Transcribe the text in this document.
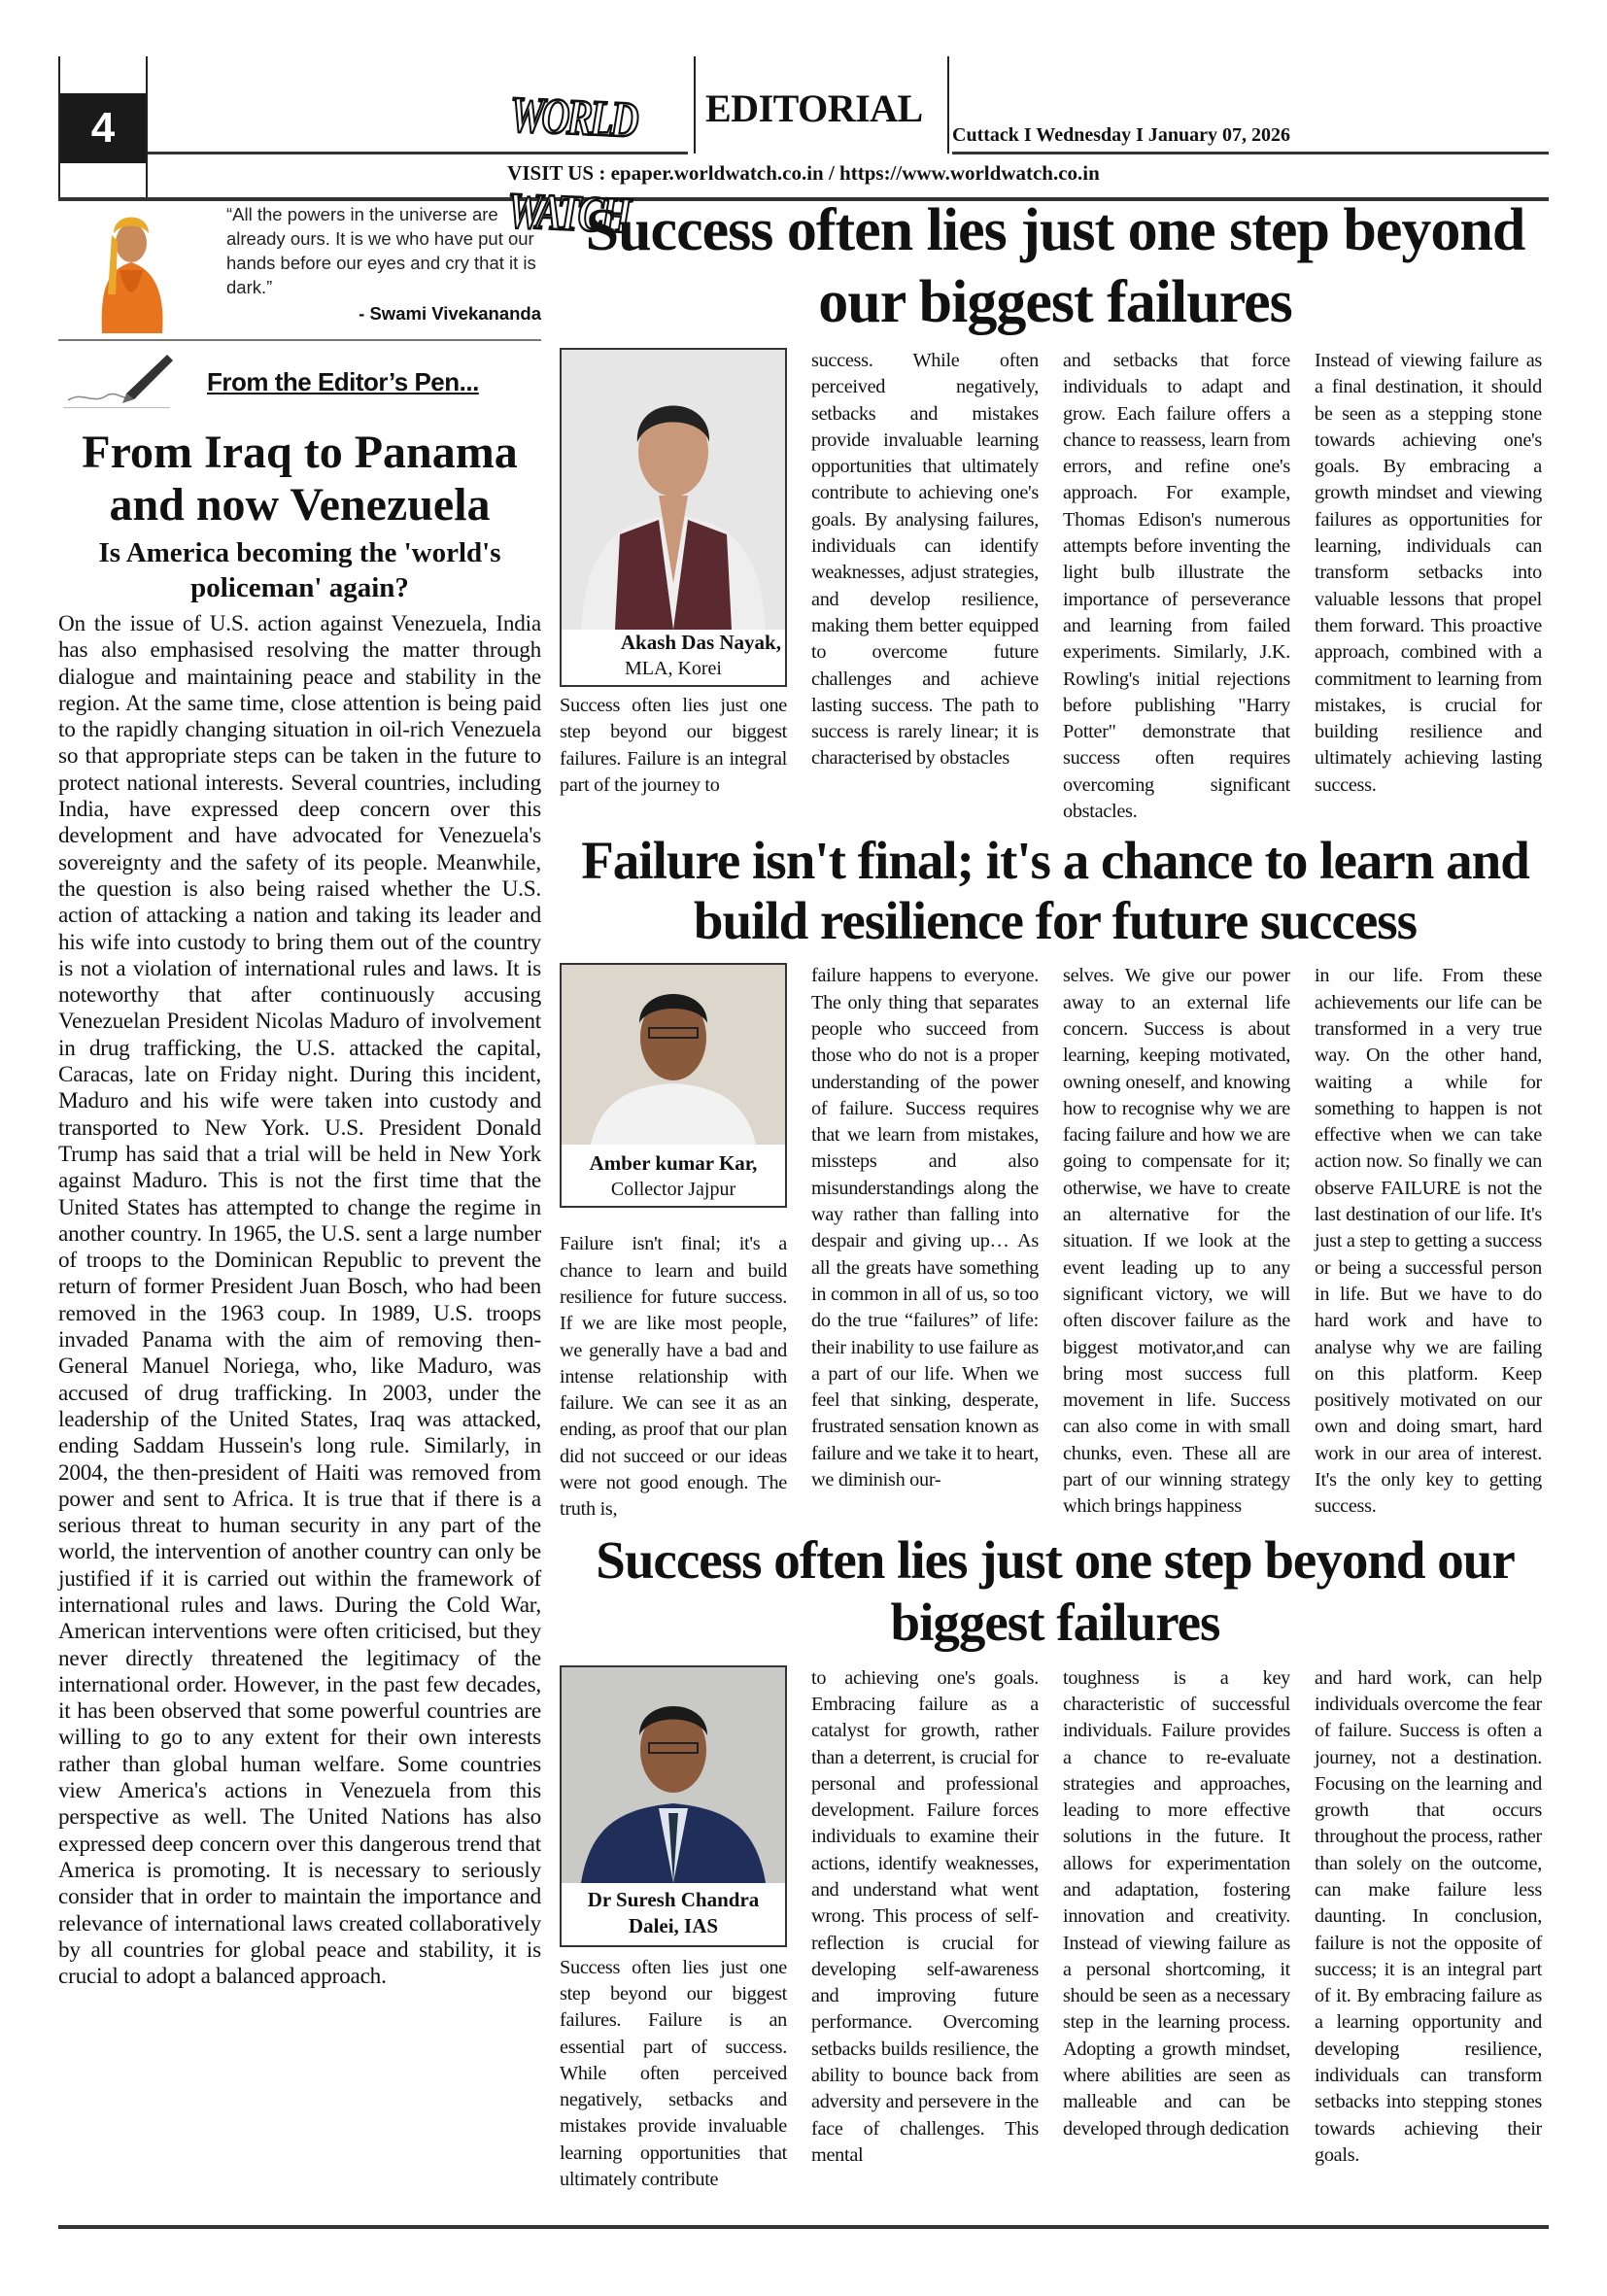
4	WORLD WATCH
EDITORIAL
Cuttack I Wednesday I January 07, 2026
VISIT US : epaper.worldwatch.co.in / https://www.worldwatch.co.in
“All the powers in the universe are already ours. It is we who have put our hands before our eyes and cry that it is dark.”
- Swami Vivekananda
From the Editor’s Pen...
From Iraq to Panama and now Venezuela
Is America becoming the 'world's policeman' again?
On the issue of U.S. action against Venezuela, India has also emphasised resolving the matter through dialogue and maintaining peace and stability in the region. At the same time, close attention is being paid to the rapidly changing situation in oil-rich Venezuela so that appropriate steps can be taken in the future to protect national interests. Several countries, including India, have expressed deep concern over this development and have advocated for Venezuela's sovereignty and the safety of its people. Meanwhile, the question is also being raised whether the U.S. action of attacking a nation and taking its leader and his wife into custody to bring them out of the country is not a violation of international rules and laws. It is noteworthy that after continuously accusing Venezuelan President Nicolas Maduro of involvement in drug trafficking, the U.S. attacked the capital, Caracas, late on Friday night. During this incident, Maduro and his wife were taken into custody and transported to New York. U.S. President Donald Trump has said that a trial will be held in New York against Maduro. This is not the first time that the United States has attempted to change the regime in another country. In 1965, the U.S. sent a large number of troops to the Dominican Republic to prevent the return of former President Juan Bosch, who had been removed in the 1963 coup. In 1989, U.S. troops invaded Panama with the aim of removing then-General Manuel Noriega, who, like Maduro, was accused of drug trafficking. In 2003, under the leadership of the United States, Iraq was attacked, ending Saddam Hussein's long rule. Similarly, in 2004, the then-president of Haiti was removed from power and sent to Africa. It is true that if there is a serious threat to human security in any part of the world, the intervention of another country can only be justified if it is carried out within the framework of international rules and laws. During the Cold War, American interventions were often criticised, but they never directly threatened the legitimacy of the international order. However, in the past few decades, it has been observed that some powerful countries are willing to go to any extent for their own interests rather than global human welfare. Some countries view America's actions in Venezuela from this perspective as well. The United Nations has also expressed deep concern over this dangerous trend that America is promoting. It is necessary to seriously consider that in order to maintain the importance and relevance of international laws created collaboratively by all countries for global peace and stability, it is crucial to adopt a balanced approach.
Success often lies just one step beyond our biggest failures
Akash Das Nayak,
MLA, Korei
Success often lies just one step beyond our biggest failures. Failure is an integral part of the journey to
success. While often perceived negatively, setbacks and mistakes provide invaluable learning opportunities that ultimately contribute to achieving one's goals. By analysing failures, individuals can identify weaknesses, adjust strategies, and develop resilience, making them better equipped to overcome future challenges and achieve lasting success. The path to success is rarely linear; it is characterised by obstacles
and setbacks that force individuals to adapt and grow. Each failure offers a chance to reassess, learn from errors, and refine one's approach. For example, Thomas Edison's numerous attempts before inventing the light bulb illustrate the importance of perseverance and learning from failed experiments. Similarly, J.K. Rowling's initial rejections before publishing "Harry Potter" demonstrate that success often requires overcoming significant obstacles.
Instead of viewing failure as a final destination, it should be seen as a stepping stone towards achieving one's goals. By embracing a growth mindset and viewing failures as opportunities for learning, individuals can transform setbacks into valuable lessons that propel them forward. This proactive approach, combined with a commitment to learning from mistakes, is crucial for building resilience and ultimately achieving lasting success.
Failure isn't final; it's a chance to learn and build resilience for future success
Amber kumar Kar,
Collector Jajpur
Failure isn't final; it's a chance to learn and build resilience for future success. If we are like most people, we generally have a bad and intense relationship with failure. We can see it as an ending, as proof that our plan did not succeed or our ideas were not good enough. The truth is,
failure happens to everyone. The only thing that separates people who succeed from those who do not is a proper understanding of the power of failure. Success requires that we learn from mistakes, missteps and also misunderstandings along the way rather than falling into despair and giving up… As all the greats have something in common in all of us, so too do the true “failures” of life: their inability to use failure as a part of our life. When we feel that sinking, desperate, frustrated sensation known as failure and we take it to heart, we diminish our-
selves. We give our power away to an external life concern. Success is about learning, keeping motivated, owning oneself, and knowing how to recognise why we are facing failure and how we are going to compensate for it; otherwise, we have to create an alternative for the situation. If we look at the event leading up to any significant victory, we will often discover failure as the biggest motivator,and can bring most success full movement in life. Success can also come in with small chunks, even. These all are part of our winning strategy which brings happiness
in our life. From these achievements our life can be transformed in a very true way. On the other hand, waiting a while for something to happen is not effective when we can take action now. So finally we can observe FAILURE is not the last destination of our life. It's just a step to getting a success or being a successful person in life. But we have to do hard work and have to analyse why we are failing on this platform. Keep positively motivated on our own and doing smart, hard work in our area of interest. It's the only key to getting success.
Success often lies just one step beyond our biggest failures
Dr Suresh Chandra Dalei, IAS
Success often lies just one step beyond our biggest failures. Failure is an essential part of success. While often perceived negatively, setbacks and mistakes provide invaluable learning opportunities that ultimately contribute
to achieving one's goals. Embracing failure as a catalyst for growth, rather than a deterrent, is crucial for personal and professional development. Failure forces individuals to examine their actions, identify weaknesses, and understand what went wrong. This process of self-reflection is crucial for developing self-awareness and improving future performance. Overcoming setbacks builds resilience, the ability to bounce back from adversity and persevere in the face of challenges. This mental
toughness is a key characteristic of successful individuals. Failure provides a chance to re-evaluate strategies and approaches, leading to more effective solutions in the future. It allows for experimentation and adaptation, fostering innovation and creativity. Instead of viewing failure as a personal shortcoming, it should be seen as a necessary step in the learning process. Adopting a growth mindset, where abilities are seen as malleable and can be developed through dedication
and hard work, can help individuals overcome the fear of failure. Success is often a journey, not a destination. Focusing on the learning and growth that occurs throughout the process, rather than solely on the outcome, can make failure less daunting. In conclusion, failure is not the opposite of success; it is an integral part of it. By embracing failure as a learning opportunity and developing resilience, individuals can transform setbacks into stepping stones towards achieving their goals.
